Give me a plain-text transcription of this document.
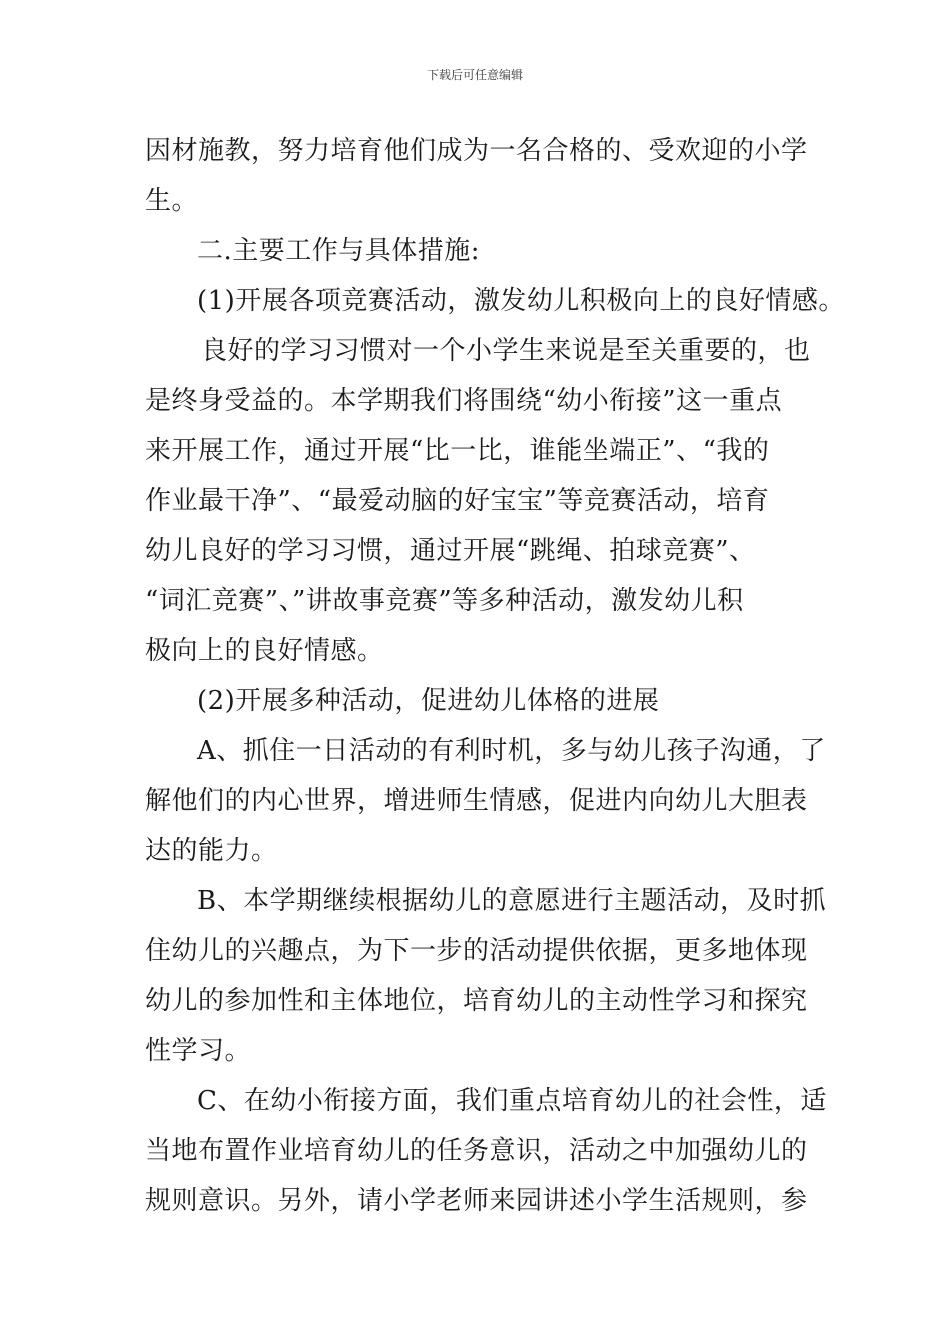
下载后可任意编辑
因材施教，努力培育他们成为一名合格的、受欢迎的小学
生。
二.主要工作与具体措施:
(1)开展各项竞赛活动，激发幼儿积极向上的良好情感。
良好的学习习惯对一个小学生来说是至关重要的，也
是终身受益的。本学期我们将围绕“幼小衔接”这一重点
来开展工作，通过开展“比一比，谁能坐端正”、“我的
作业最干净”、“最爱动脑的好宝宝”等竞赛活动，培育
幼儿良好的学习习惯，通过开展“跳绳、拍球竞赛”、
“词汇竞赛”、”讲故事竞赛”等多种活动，激发幼儿积
极向上的良好情感。
(2)开展多种活动，促进幼儿体格的进展
A、抓住一日活动的有利时机，多与幼儿孩子沟通，了
解他们的内心世界，增进师生情感，促进内向幼儿大胆表
达的能力。
B、本学期继续根据幼儿的意愿进行主题活动，及时抓
住幼儿的兴趣点，为下一步的活动提供依据，更多地体现
幼儿的参加性和主体地位，培育幼儿的主动性学习和探究
性学习。
C、在幼小衔接方面，我们重点培育幼儿的社会性，适
当地布置作业培育幼儿的任务意识，活动之中加强幼儿的
规则意识。另外，请小学老师来园讲述小学生活规则，参
